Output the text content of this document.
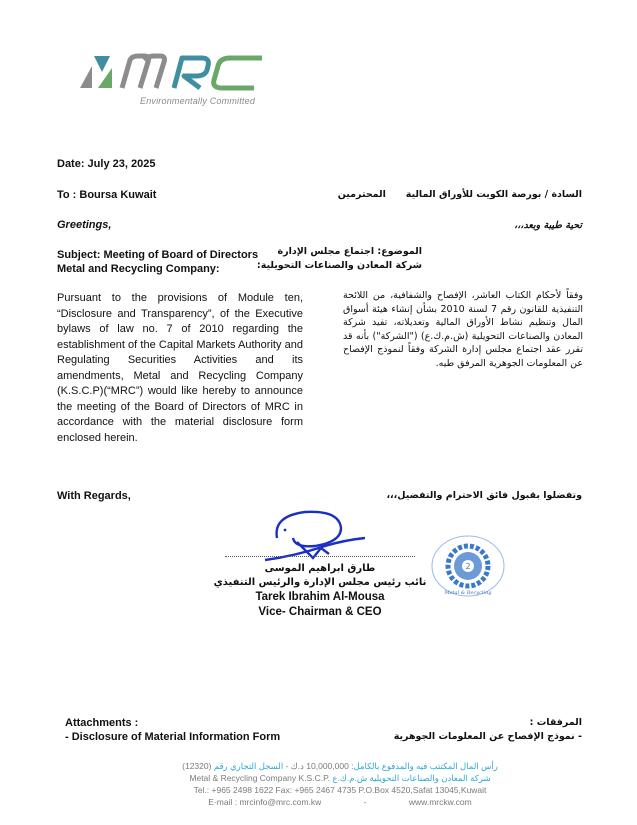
Environmentally Committed
Date: July 23, 2025
To : Boursa Kuwait	السادة / بورصة الكويت للأوراق المالية      المحترمين
Greetings,	تحية طيبة وبعد،،،
Subject: Meeting of Board of Directors
Metal and Recycling Company:
الموضوع: اجتماع مجلس الإدارة
شركة المعادن والصناعات التحويلية:
Pursuant to the provisions of Module ten, “Disclosure and Transparency”, of the Executive bylaws of law no. 7 of 2010 regarding the establishment of the Capital Markets Authority and Regulating Securities Activities and its amendments, Metal and Recycling Company (K.S.C.P)(“MRC”) would like hereby to announce the meeting of the Board of Directors of MRC in accordance with the material disclosure form enclosed herein.
وفقاً لأحكام الكتاب العاشر، الإفصاح والشفافية، من اللائحة التنفيذية للقانون رقم 7 لسنة 2010 بشأن إنشاء هيئة أسواق المال وتنظيم نشاط الأوراق المالية وتعديلاته، تفيد شركة المعادن والصناعات التحويلية (ش.م.ك.ع) ("الشركة") بأنه قد تقرر عقد اجتماع مجلس إدارة الشركة وفقاً لنموذج الإفصاح عن المعلومات الجوهرية المرفق طيه.
With Regards,	وتفضلوا بقبول فائق الاحترام والتفضيل،،،
طارق ابراهيم الموسى
نائب رئيس مجلس الإدارة والرئيس التنفيذي
Tarek Ibrahim Al-Mousa
Vice- Chairman & CEO
2
Metal & Recycling
Attachments :
- Disclosure of Material Information Form
المرفقات :
- نموذج الإفصاح عن المعلومات الجوهرية
رأس المال المكتتب فيه والمدفوع بالكامل: 10,000,000 د.ك - السجل التجاري رقم (12320)
Metal & Recycling Company K.S.C.P. شركة المعادن والصناعات التحويلية ش.م.ك.ع
Tel.: +965 2498 1622 Fax: +965 2467 4735 P.O.Box 4520,Safat 13045,Kuwait
E-mail : mrcinfo@mrc.com.kw	-	www.mrckw.com
